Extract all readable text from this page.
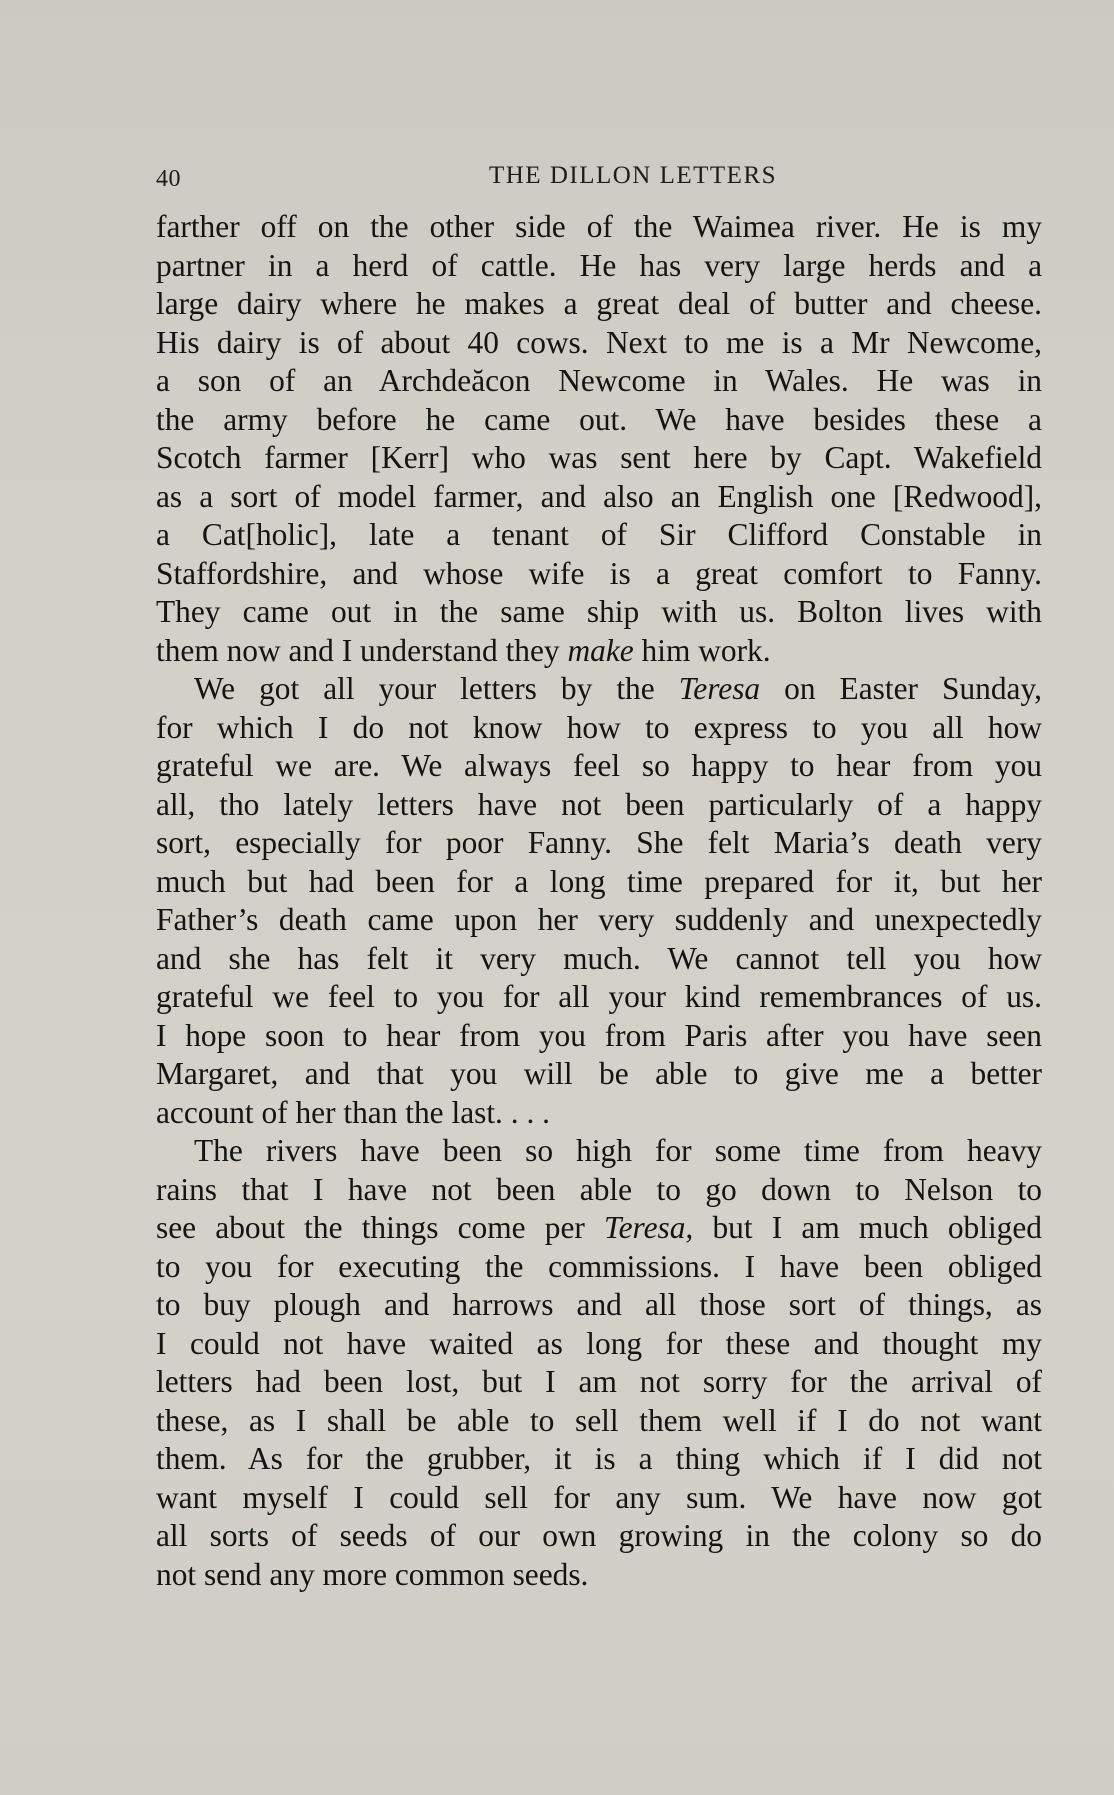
40	THE DILLON LETTERS

farther off on the other side of the Waimea river. He is my
partner in a herd of cattle. He has very large herds and a
large dairy where he makes a great deal of butter and cheese.
His dairy is of about 40 cows. Next to me is a Mr Newcome,
a son of an Archdeăcon Newcome in Wales. He was in
the army before he came out. We have besides these a
Scotch farmer [Kerr] who was sent here by Capt. Wakefield
as a sort of model farmer, and also an English one [Redwood],
a Cat[holic], late a tenant of Sir Clifford Constable in
Staffordshire, and whose wife is a great comfort to Fanny.
They came out in the same ship with us. Bolton lives with
them now and I understand they make him work.

We got all your letters by the Teresa on Easter Sunday,
for which I do not know how to express to you all how
grateful we are. We always feel so happy to hear from you
all, tho lately letters have not been particularly of a happy
sort, especially for poor Fanny. She felt Maria’s death very
much but had been for a long time prepared for it, but her
Father’s death came upon her very suddenly and unexpectedly
and she has felt it very much. We cannot tell you how
grateful we feel to you for all your kind remembrances of us.
I hope soon to hear from you from Paris after you have seen
Margaret, and that you will be able to give me a better
account of her than the last. . . .

The rivers have been so high for some time from heavy
rains that I have not been able to go down to Nelson to
see about the things come per Teresa, but I am much obliged
to you for executing the commissions. I have been obliged
to buy plough and harrows and all those sort of things, as
I could not have waited as long for these and thought my
letters had been lost, but I am not sorry for the arrival of
these, as I shall be able to sell them well if I do not want
them. As for the grubber, it is a thing which if I did not
want myself I could sell for any sum. We have now got
all sorts of seeds of our own growing in the colony so do
not send any more common seeds.
